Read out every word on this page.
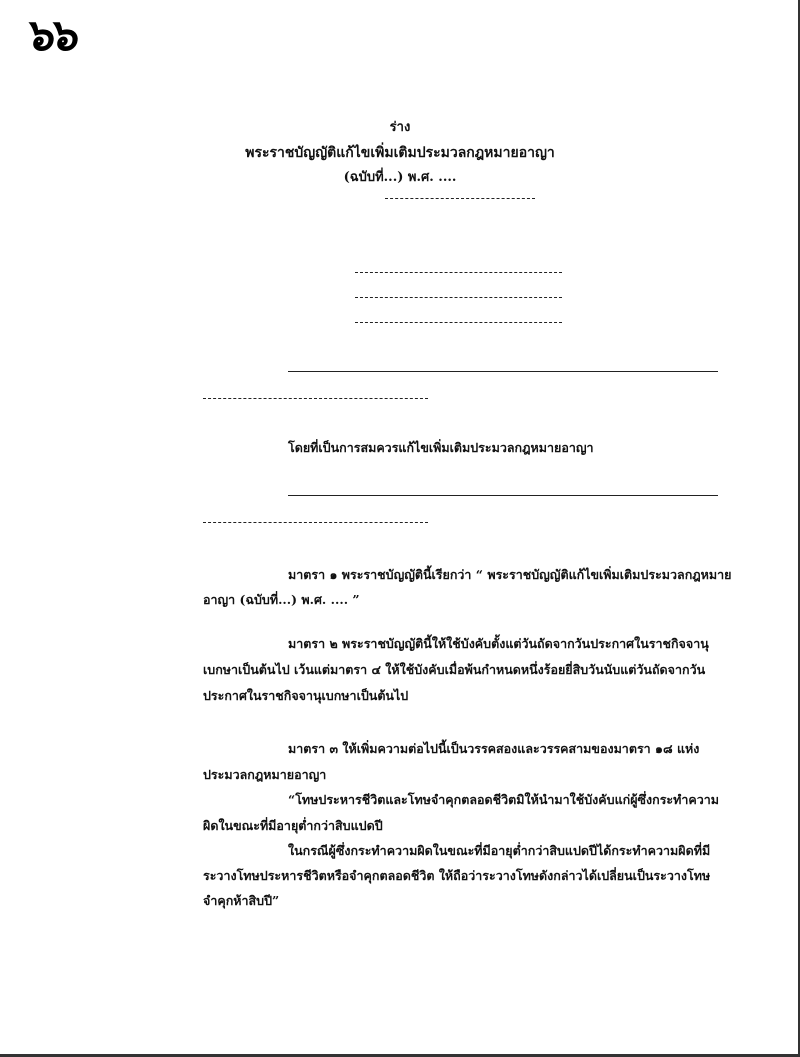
๖๖
ร่าง
พระราชบัญญัติแก้ไขเพิ่มเติมประมวลกฎหมายอาญา
(ฉบับที่...) พ.ศ. ....
โดยที่เป็นการสมควรแก้ไขเพิ่มเติมประมวลกฎหมายอาญา
มาตรา ๑ พระราชบัญญัตินี้เรียกว่า “ พระราชบัญญัติแก้ไขเพิ่มเติมประมวลกฎหมาย
อาญา (ฉบับที่...) พ.ศ. .... ”
มาตรา ๒ พระราชบัญญัตินี้ให้ใช้บังคับตั้งแต่วันถัดจากวันประกาศในราชกิจจานุ
เบกษาเป็นต้นไป เว้นแต่มาตรา ๔ ให้ใช้บังคับเมื่อพ้นกำหนดหนึ่งร้อยยี่สิบวันนับแต่วันถัดจากวัน
ประกาศในราชกิจจานุเบกษาเป็นต้นไป
มาตรา ๓ ให้เพิ่มความต่อไปนี้เป็นวรรคสองและวรรคสามของมาตรา ๑๘ แห่ง
ประมวลกฎหมายอาญา
“โทษประหารชีวิตและโทษจำคุกตลอดชีวิตมิให้นำมาใช้บังคับแก่ผู้ซึ่งกระทำความ
ผิดในขณะที่มีอายุต่ำกว่าสิบแปดปี
ในกรณีผู้ซึ่งกระทำความผิดในขณะที่มีอายุต่ำกว่าสิบแปดปีได้กระทำความผิดที่มี
ระวางโทษประหารชีวิตหรือจำคุกตลอดชีวิต ให้ถือว่าระวางโทษดังกล่าวได้เปลี่ยนเป็นระวางโทษ
จำคุกห้าสิบปี”
